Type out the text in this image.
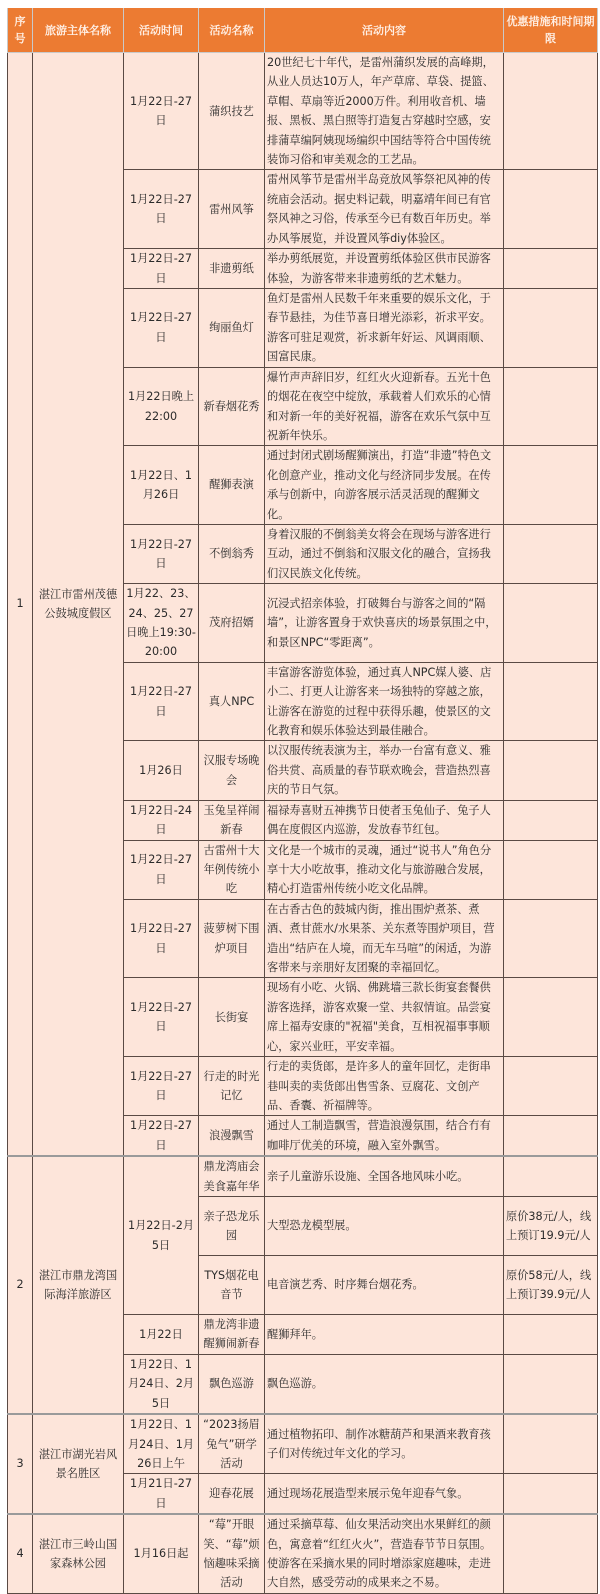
序号	旅游主体名称	活动时间	活动名称	活动内容	优惠措施和时间期限
1	湛江市雷州茂德公鼓城度假区	1月22日-27日	蒲织技艺	20世纪七十年代，是雷州蒲织发展的高峰期，从业人员达10万人，年产草席、草袋、提篮、草帽、草扇等近2000万件。利用收音机、墙报、黑板、黑白照等打造复古穿越时空感，安排蒲草编阿姨现场编织中国结等符合中国传统装饰习俗和审美观念的工艺品。	
		1月22日-27日	雷州风筝	雷州风筝节是雷州半岛竞放风筝祭祀风神的传统庙会活动。据史料记载，明嘉靖年间已有官祭风神之习俗，传承至今已有数百年历史。举办风筝展览，并设置风筝diy体验区。	
		1月22日-27日	非遗剪纸	举办剪纸展览，并设置剪纸体验区供市民游客体验，为游客带来非遗剪纸的艺术魅力。	
		1月22日-27日	绚丽鱼灯	鱼灯是雷州人民数千年来重要的娱乐文化，于春节悬挂，为佳节喜日增光添彩，祈求平安。游客可驻足观赏，祈求新年好运、风调雨顺、国富民康。	
		1月22日晚上22:00	新春烟花秀	爆竹声声辞旧岁，红红火火迎新春。五光十色的烟花在夜空中绽放，承载着人们欢乐的心情和对新一年的美好祝福，游客在欢乐气氛中互祝新年快乐。	
		1月22日、1月26日	醒狮表演	通过封闭式剧场醒狮演出，打造“非遗”特色文化创意产业，推动文化与经济同步发展。在传承与创新中，向游客展示活灵活现的醒狮文化。	
		1月22日-27日	不倒翁秀	身着汉服的不倒翁美女将会在现场与游客进行互动，通过不倒翁和汉服文化的融合，宣扬我们汉民族文化传统。	
		1月22、23、24、25、27日晚上19:30-20:00	茂府招婿	沉浸式招亲体验，打破舞台与游客之间的“隔墙”，让游客置身于欢快喜庆的场景氛围之中，和景区NPC“零距离”。	
		1月22日-27日	真人NPC	丰富游客游览体验，通过真人NPC媒人婆、店小二、打更人让游客来一场独特的穿越之旅，让游客在游览的过程中获得乐趣，使景区的文化教育和娱乐体验达到最佳融合。	
		1月26日	汉服专场晚会	以汉服传统表演为主，举办一台富有意义、雅俗共赏、高质量的春节联欢晚会，营造热烈喜庆的节日气氛。	
		1月22日-24日	玉兔呈祥闹新春	福禄寿喜财五神携节日使者玉兔仙子、兔子人偶在度假区内巡游，发放春节红包。	
		1月22日-27日	古雷州十大年例传统小吃	文化是一个城市的灵魂，通过“说书人”角色分享十大小吃故事，推动文化与旅游融合发展，精心打造雷州传统小吃文化品牌。	
		1月22日-27日	菠萝树下围炉项目	在古香古色的鼓城内街，推出围炉煮茶、煮酒、煮甘蔗水/水果茶、关东煮等围炉项目，营造出“结庐在人境，而无车马喧”的闲适，为游客带来与亲朋好友团聚的幸福回忆。	
		1月22日-27日	长街宴	现场有小吃、火锅、佛跳墙三款长街宴套餐供游客选择，游客欢聚一堂、共叙情谊。品尝宴席上福寿安康的"祝福"美食，互相祝福事事顺心，家兴业旺，平安幸福。	
		1月22日-27日	行走的时光记忆	行走的卖货郎，是许多人的童年回忆，走街串巷叫卖的卖货郎出售雪条、豆腐花、文创产品、香囊、祈福牌等。	
		1月22日-27日	浪漫飘雪	通过人工制造飘雪，营造浪漫氛围，结合冇有咖啡厅优美的环境，融入室外飘雪。	
2	湛江市鼎龙湾国际海洋旅游区	1月22日-2月5日	鼎龙湾庙会美食嘉年华	亲子儿童游乐设施、全国各地风味小吃。	
			亲子恐龙乐园	大型恐龙模型展。	原价38元/人，线上预订19.9元/人
			TYS烟花电音节	电音演艺秀、时序舞台烟花秀。	原价58元/人，线上预订39.9元/人
		1月22日	鼎龙湾非遗醒狮闹新春	醒狮拜年。	
		1月22日、1月24日、2月5日	飘色巡游	飘色巡游。	
3	湛江市湖光岩风景名胜区	1月22日、1月24日、1月26日上午	“2023扬眉兔气”研学活动	通过植物拓印、制作冰糖葫芦和果酒来教育孩子们对传统过年文化的学习。	
		1月21日-27日	迎春花展	通过现场花展造型来展示兔年迎春气象。	
4	湛江市三岭山国家森林公园	1月16日起	“莓”开眼笑、“莓”烦恼趣味采摘活动	通过采摘草莓、仙女果活动突出水果鲜红的颜色，寓意着“红红火火”，营造春节节日氛围。使游客在采摘水果的同时增添家庭趣味，走进大自然，感受劳动的成果来之不易。	
